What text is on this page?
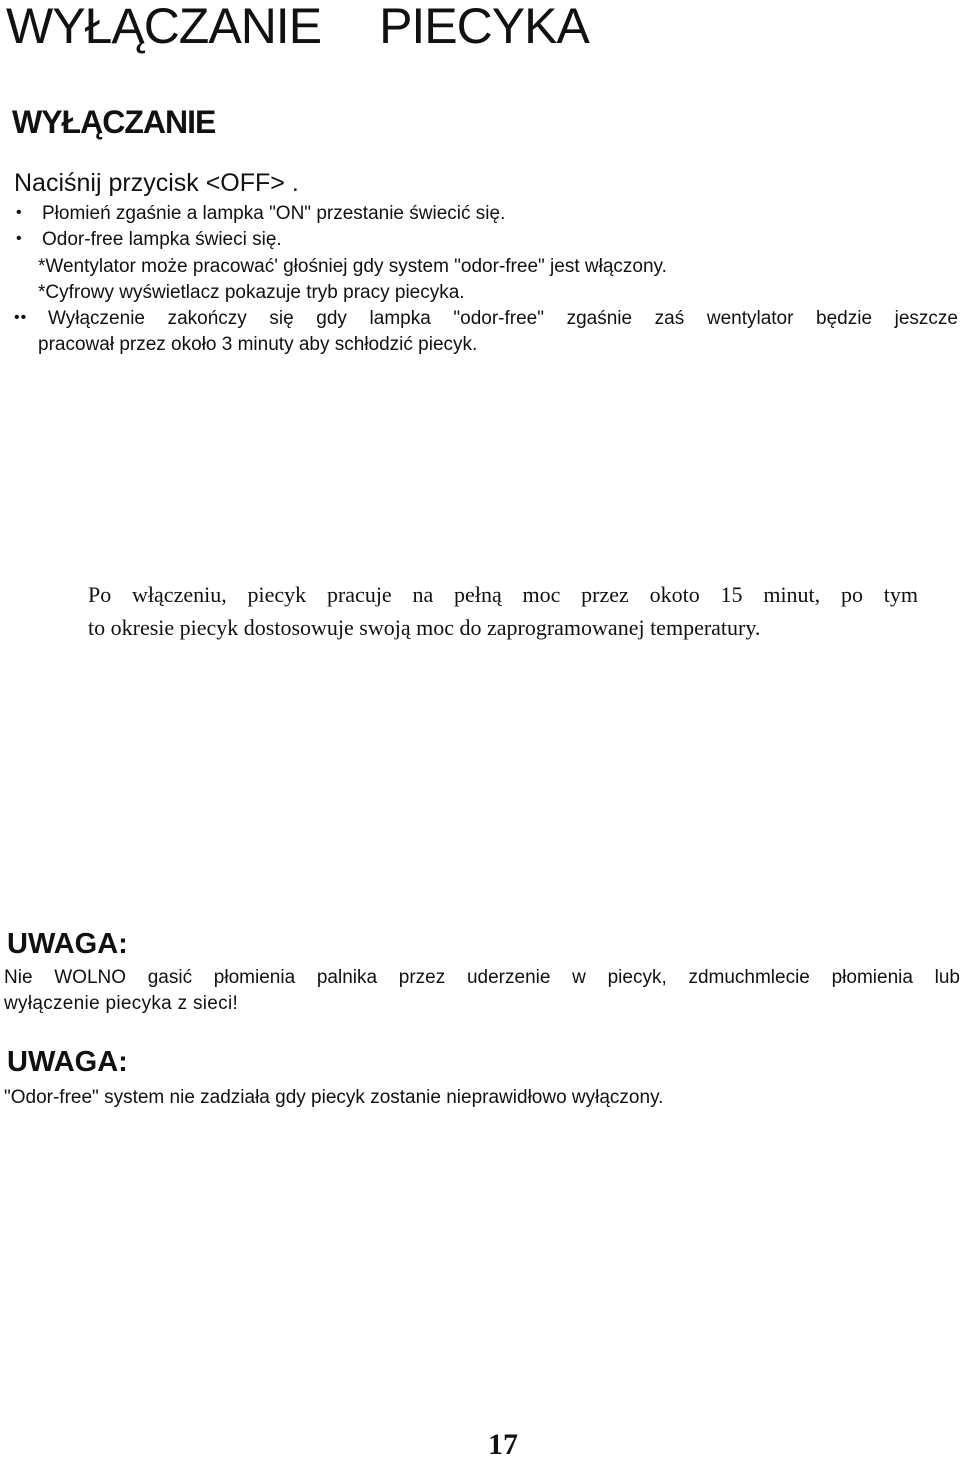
WYŁĄCZANIE PIECYKA
WYŁĄCZANIE
Naciśnij przycisk <OFF> .
• Płomień zgaśnie a lampka "ON" przestanie świecić się.
• Odor-free lampka świeci się.
*Wentylator może pracować' głośniej gdy system "odor-free" jest włączony.
*Cyfrowy wyświetlacz pokazuje tryb pracy piecyka.
•• Wyłączenie zakończy się gdy lampka "odor-free" zgaśnie zaś wentylator będzie jeszcze
pracował przez około 3 minuty aby schłodzić piecyk.
Po włączeniu, piecyk pracuje na pełną moc przez okoto 15 minut, po tym
to okresie piecyk dostosowuje swoją moc do zaprogramowanej temperatury.
UWAGA:
Nie WOLNO gasić płomienia palnika przez uderzenie w piecyk, zdmuchmlecie płomienia lub
wyłączenie piecyka z sieci!
UWAGA:
"Odor-free" system nie zadziała gdy piecyk zostanie nieprawidłowo wyłączony.
17
